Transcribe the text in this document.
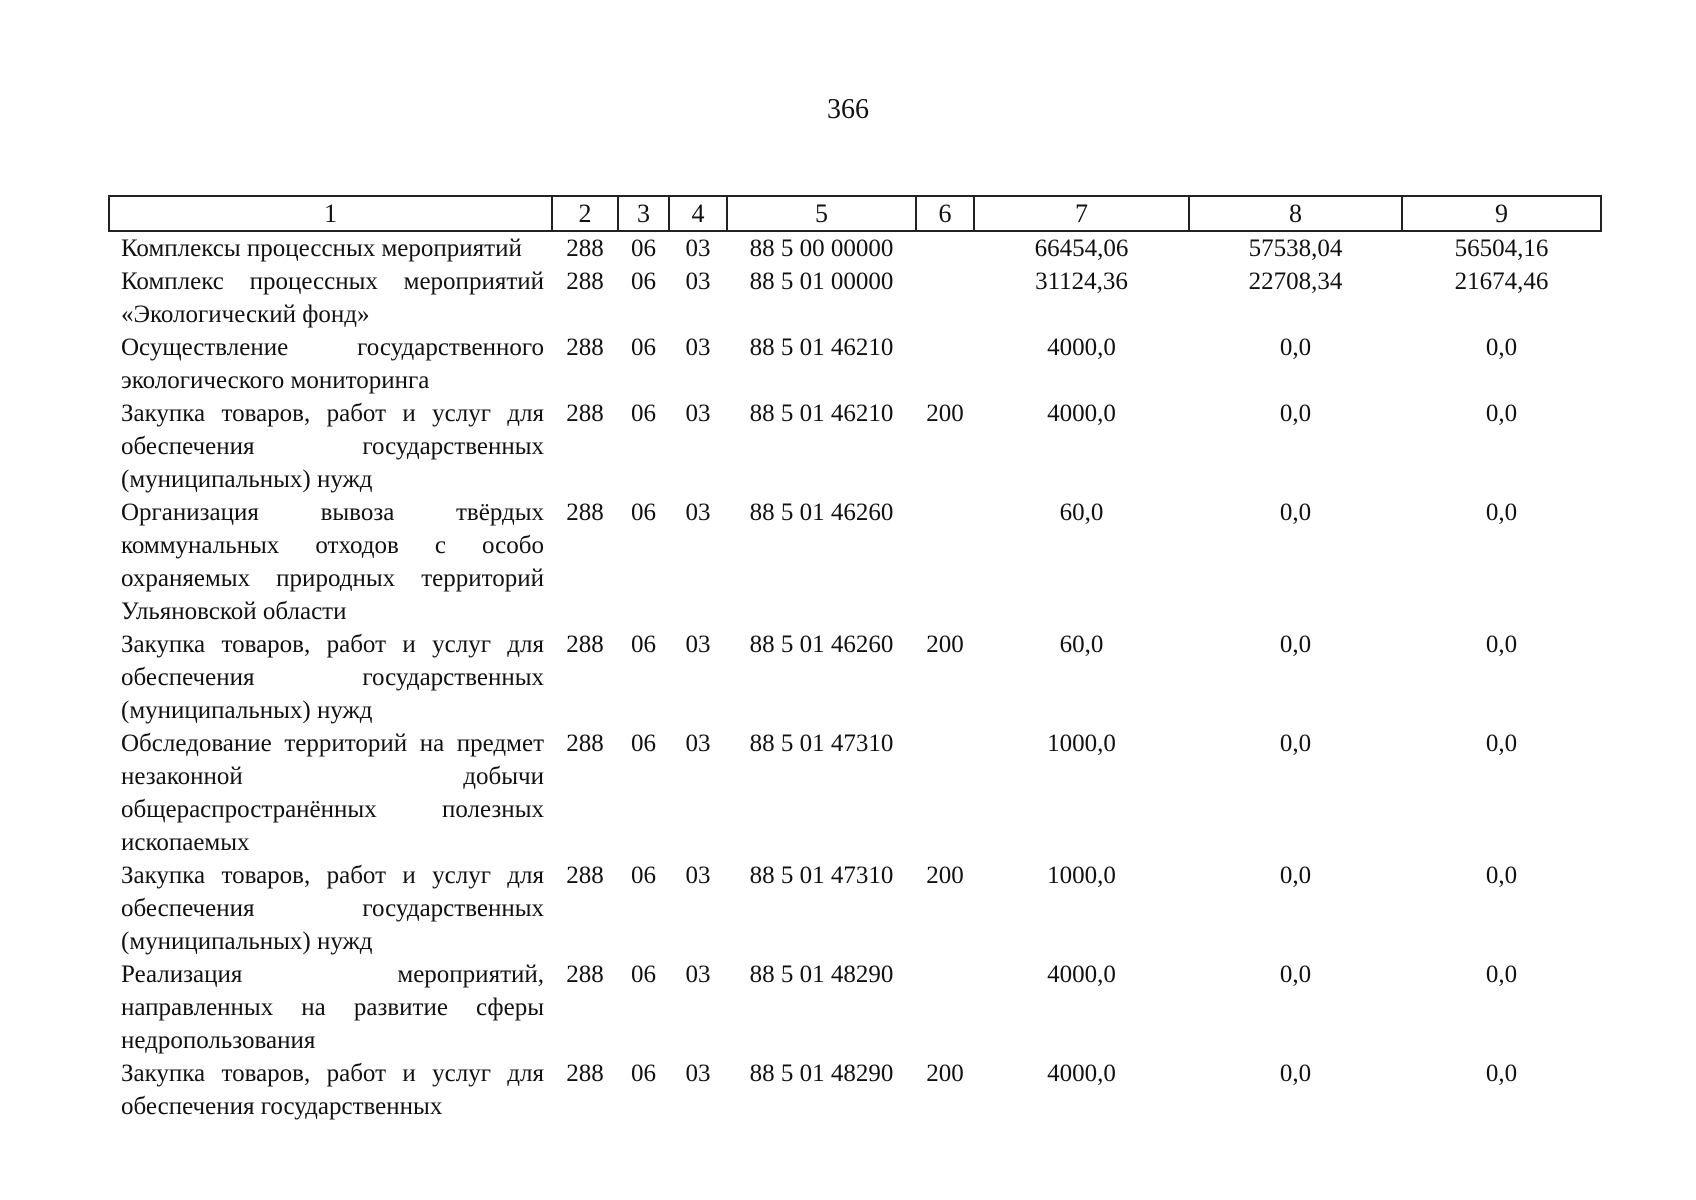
366
1	2	3	4	5	6	7	8	9
Комплексы процессных мероприятий	288	06	03	88 5 00 00000		66454,06	57538,04	56504,16
Комплекс процессных мероприятий «Экологический фонд»	288	06	03	88 5 01 00000		31124,36	22708,34	21674,46
Осуществление государственного экологического мониторинга	288	06	03	88 5 01 46210		4000,0	0,0	0,0
Закупка товаров, работ и услуг для обеспечения государственных (муниципальных) нужд	288	06	03	88 5 01 46210	200	4000,0	0,0	0,0
Организация вывоза твёрдых коммунальных отходов с особо охраняемых природных территорий Ульяновской области	288	06	03	88 5 01 46260		60,0	0,0	0,0
Закупка товаров, работ и услуг для обеспечения государственных (муниципальных) нужд	288	06	03	88 5 01 46260	200	60,0	0,0	0,0
Обследование территорий на предмет незаконной добычи общераспространённых полезных ископаемых	288	06	03	88 5 01 47310		1000,0	0,0	0,0
Закупка товаров, работ и услуг для обеспечения государственных (муниципальных) нужд	288	06	03	88 5 01 47310	200	1000,0	0,0	0,0
Реализация мероприятий, направленных на развитие сферы недропользования	288	06	03	88 5 01 48290		4000,0	0,0	0,0
Закупка товаров, работ и услуг для обеспечения государственных	288	06	03	88 5 01 48290	200	4000,0	0,0	0,0
